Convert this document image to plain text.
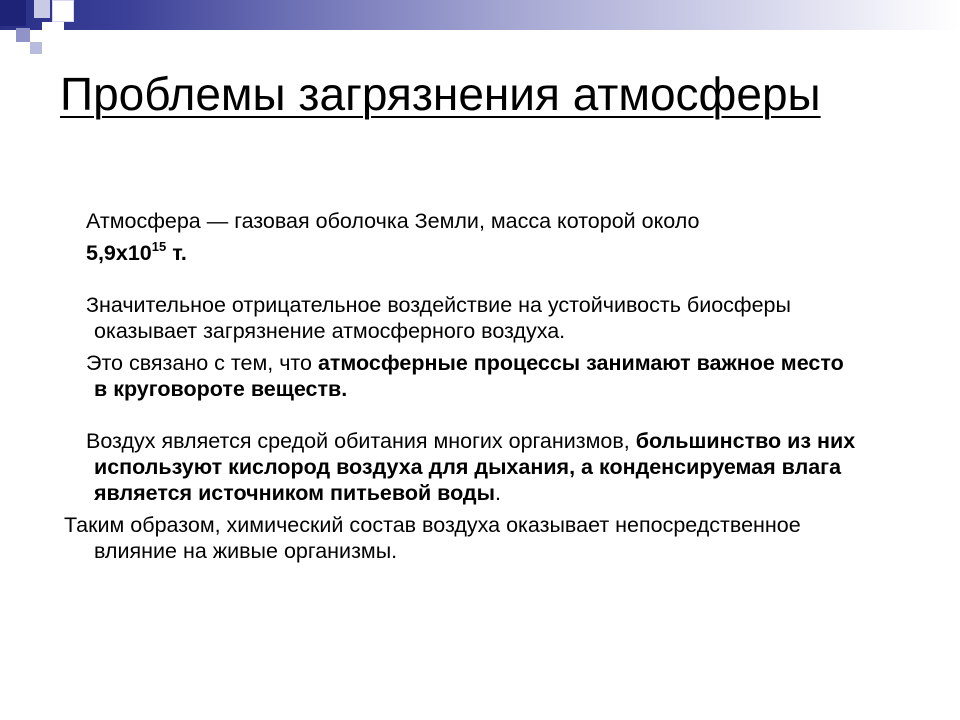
Проблемы загрязнения атмосферы

Атмосфера — газовая оболочка Земли, масса которой около

$5,9х10^{15}$ т.

Значительное отрицательное воздействие на устойчивость биосферы оказывает загрязнение атмосферного воздуха.

Это связано с тем, что атмосферные процессы занимают важное место в круговороте веществ.

Воздух является средой обитания многих организмов, большинство из них используют кислород воздуха для дыхания, а конденсируемая влага является источником питьевой воды.

Таким образом, химический состав воздуха оказывает непосредственное влияние на живые организмы.
